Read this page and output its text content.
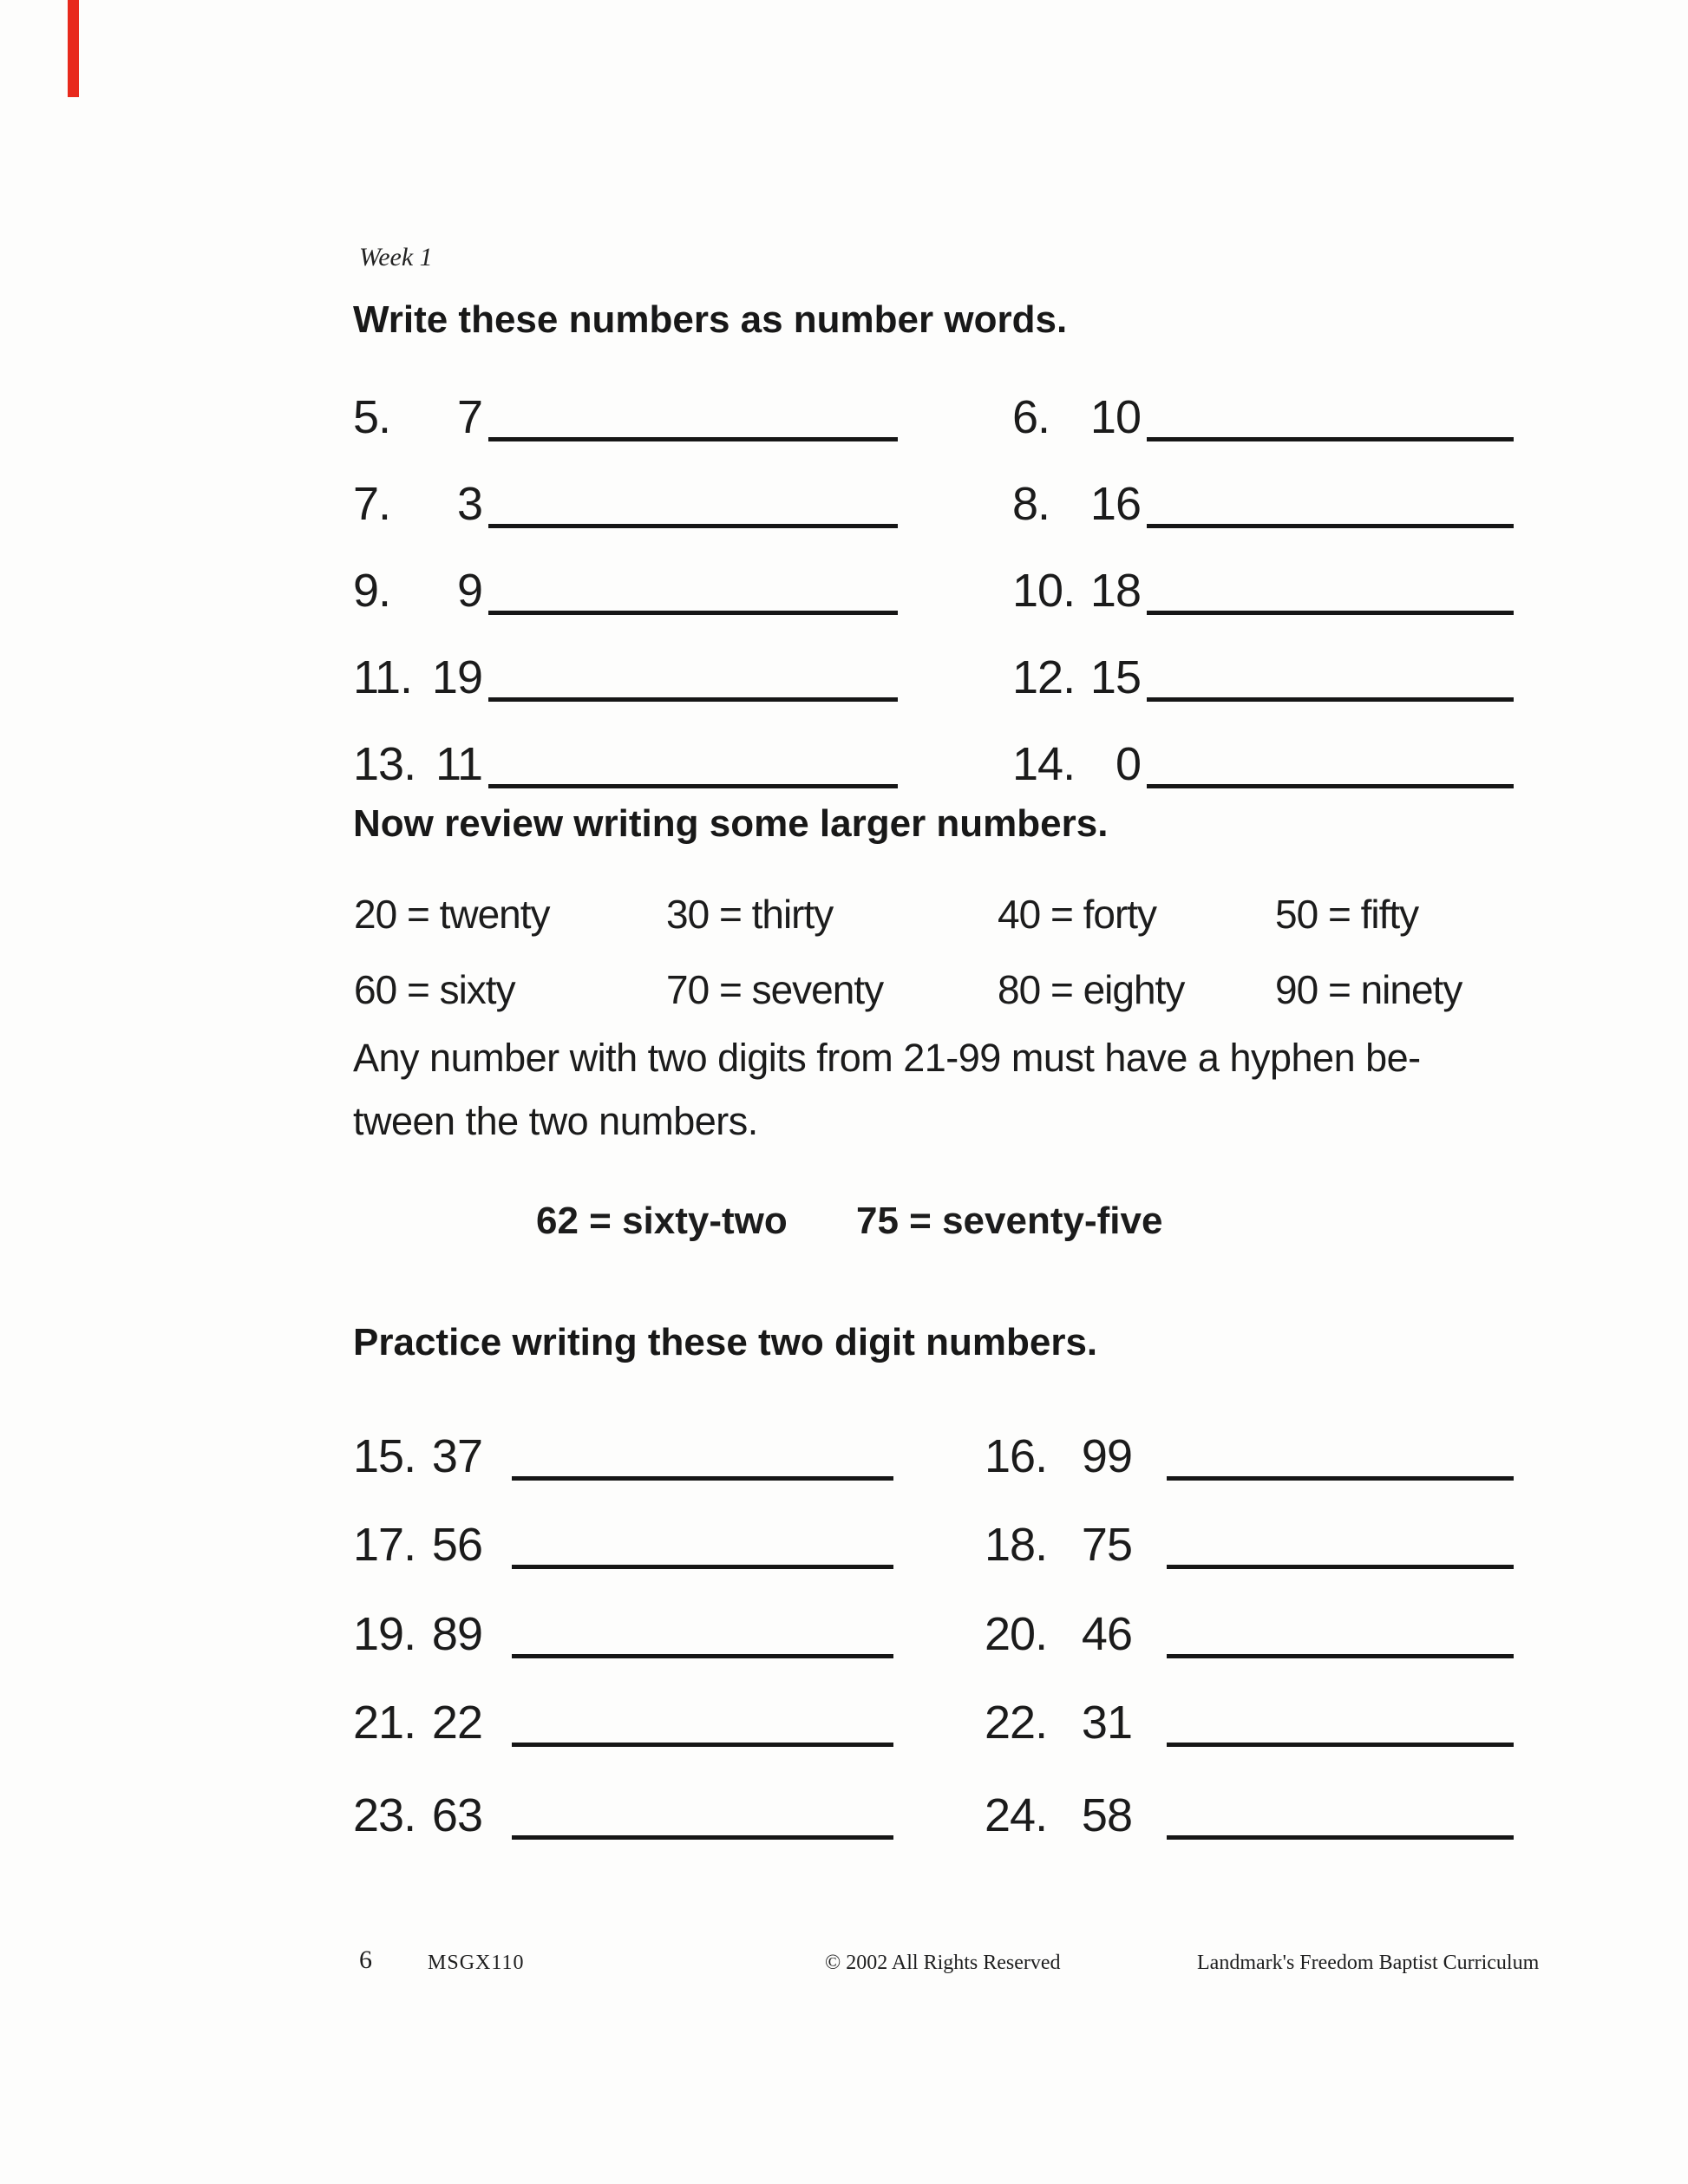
Week 1
Write these numbers as number words.
5.	7	6. 10
7.	3	8. 16
9.	9	10. 18
11. 19	12. 15
13. 11	14. 0
Now review writing some larger numbers.
20 = twenty	30 = thirty	40 = forty	50 = fifty
60 = sixty	70 = seventy	80 = eighty 90 = ninety
Any number with two digits from 21-99 must have a hyphen be-
tween the two numbers.
62 = sixty-two 75 = seventy-five
Practice writing these two digit numbers.
15. 37	16. 99
17. 56	18. 75
19. 89	20. 46
21. 22	22. 31
23. 63	24. 58
6	MSGX110	© 2002 All Rights Reserved	Landmark's Freedom Baptist Curriculum
